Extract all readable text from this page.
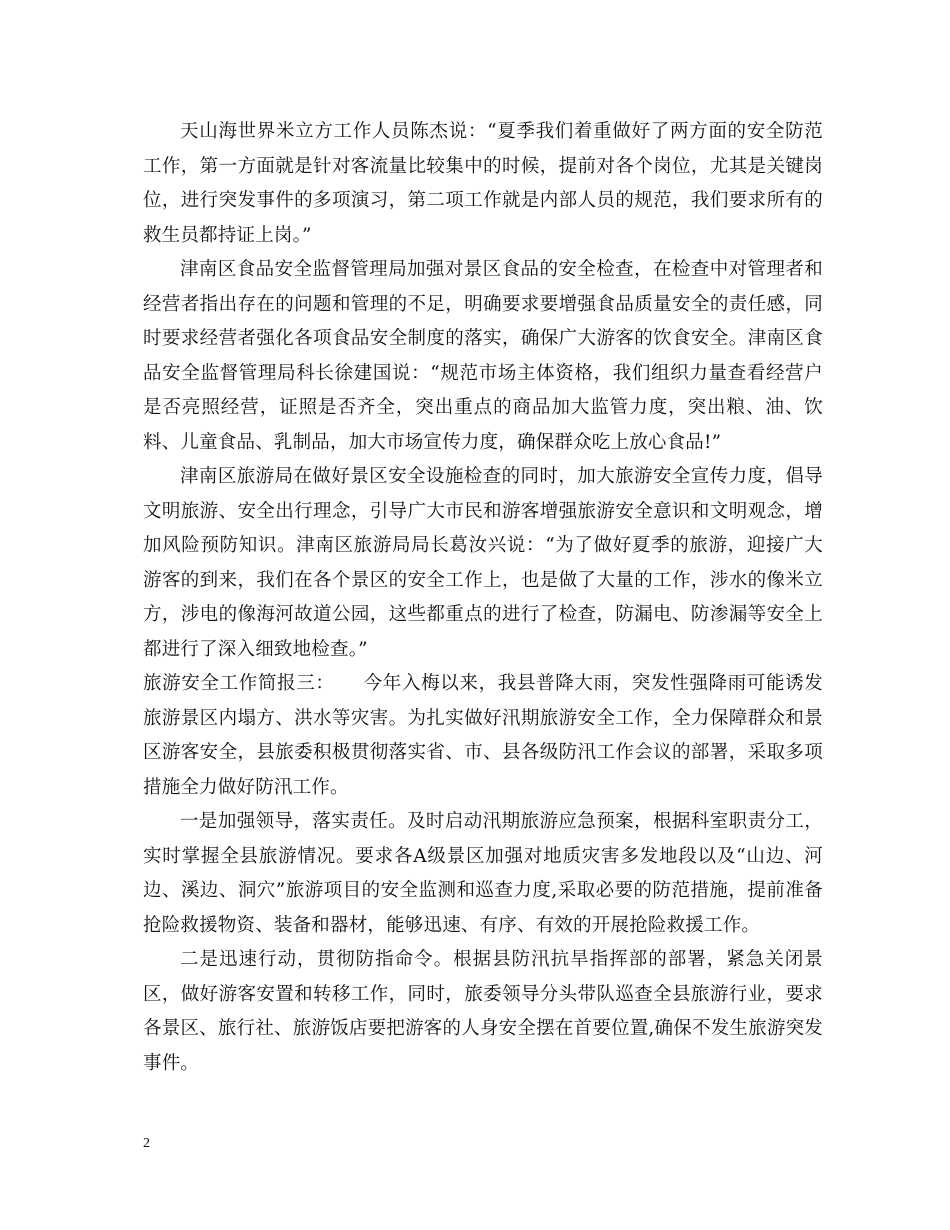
天山海世界米立方工作人员陈杰说：“夏季我们着重做好了两方面的安全防范工作，第一方面就是针对客流量比较集中的时候，提前对各个岗位，尤其是关键岗位，进行突发事件的多项演习，第二项工作就是内部人员的规范，我们要求所有的救生员都持证上岗。”

津南区食品安全监督管理局加强对景区食品的安全检查，在检查中对管理者和经营者指出存在的问题和管理的不足，明确要求要增强食品质量安全的责任感，同时要求经营者强化各项食品安全制度的落实，确保广大游客的饮食安全。津南区食品安全监督管理局科长徐建国说：“规范市场主体资格，我们组织力量查看经营户是否亮照经营，证照是否齐全，突出重点的商品加大监管力度，突出粮、油、饮料、儿童食品、乳制品，加大市场宣传力度，确保群众吃上放心食品!”

津南区旅游局在做好景区安全设施检查的同时，加大旅游安全宣传力度，倡导文明旅游、安全出行理念，引导广大市民和游客增强旅游安全意识和文明观念，增加风险预防知识。津南区旅游局局长葛汝兴说：“为了做好夏季的旅游，迎接广大游客的到来，我们在各个景区的安全工作上，也是做了大量的工作，涉水的像米立方，涉电的像海河故道公园，这些都重点的进行了检查，防漏电、防渗漏等安全上都进行了深入细致地检查。”

旅游安全工作简报三：　　今年入梅以来，我县普降大雨，突发性强降雨可能诱发旅游景区内塌方、洪水等灾害。为扎实做好汛期旅游安全工作，全力保障群众和景区游客安全，县旅委积极贯彻落实省、市、县各级防汛工作会议的部署，采取多项措施全力做好防汛工作。

一是加强领导，落实责任。及时启动汛期旅游应急预案，根据科室职责分工，实时掌握全县旅游情况。要求各A级景区加强对地质灾害多发地段以及“山边、河边、溪边、洞穴”旅游项目的安全监测和巡查力度,采取必要的防范措施，提前准备抢险救援物资、装备和器材，能够迅速、有序、有效的开展抢险救援工作。

二是迅速行动，贯彻防指命令。根据县防汛抗旱指挥部的部署，紧急关闭景区，做好游客安置和转移工作，同时，旅委领导分头带队巡查全县旅游行业，要求各景区、旅行社、旅游饭店要把游客的人身安全摆在首要位置,确保不发生旅游突发事件。

2
